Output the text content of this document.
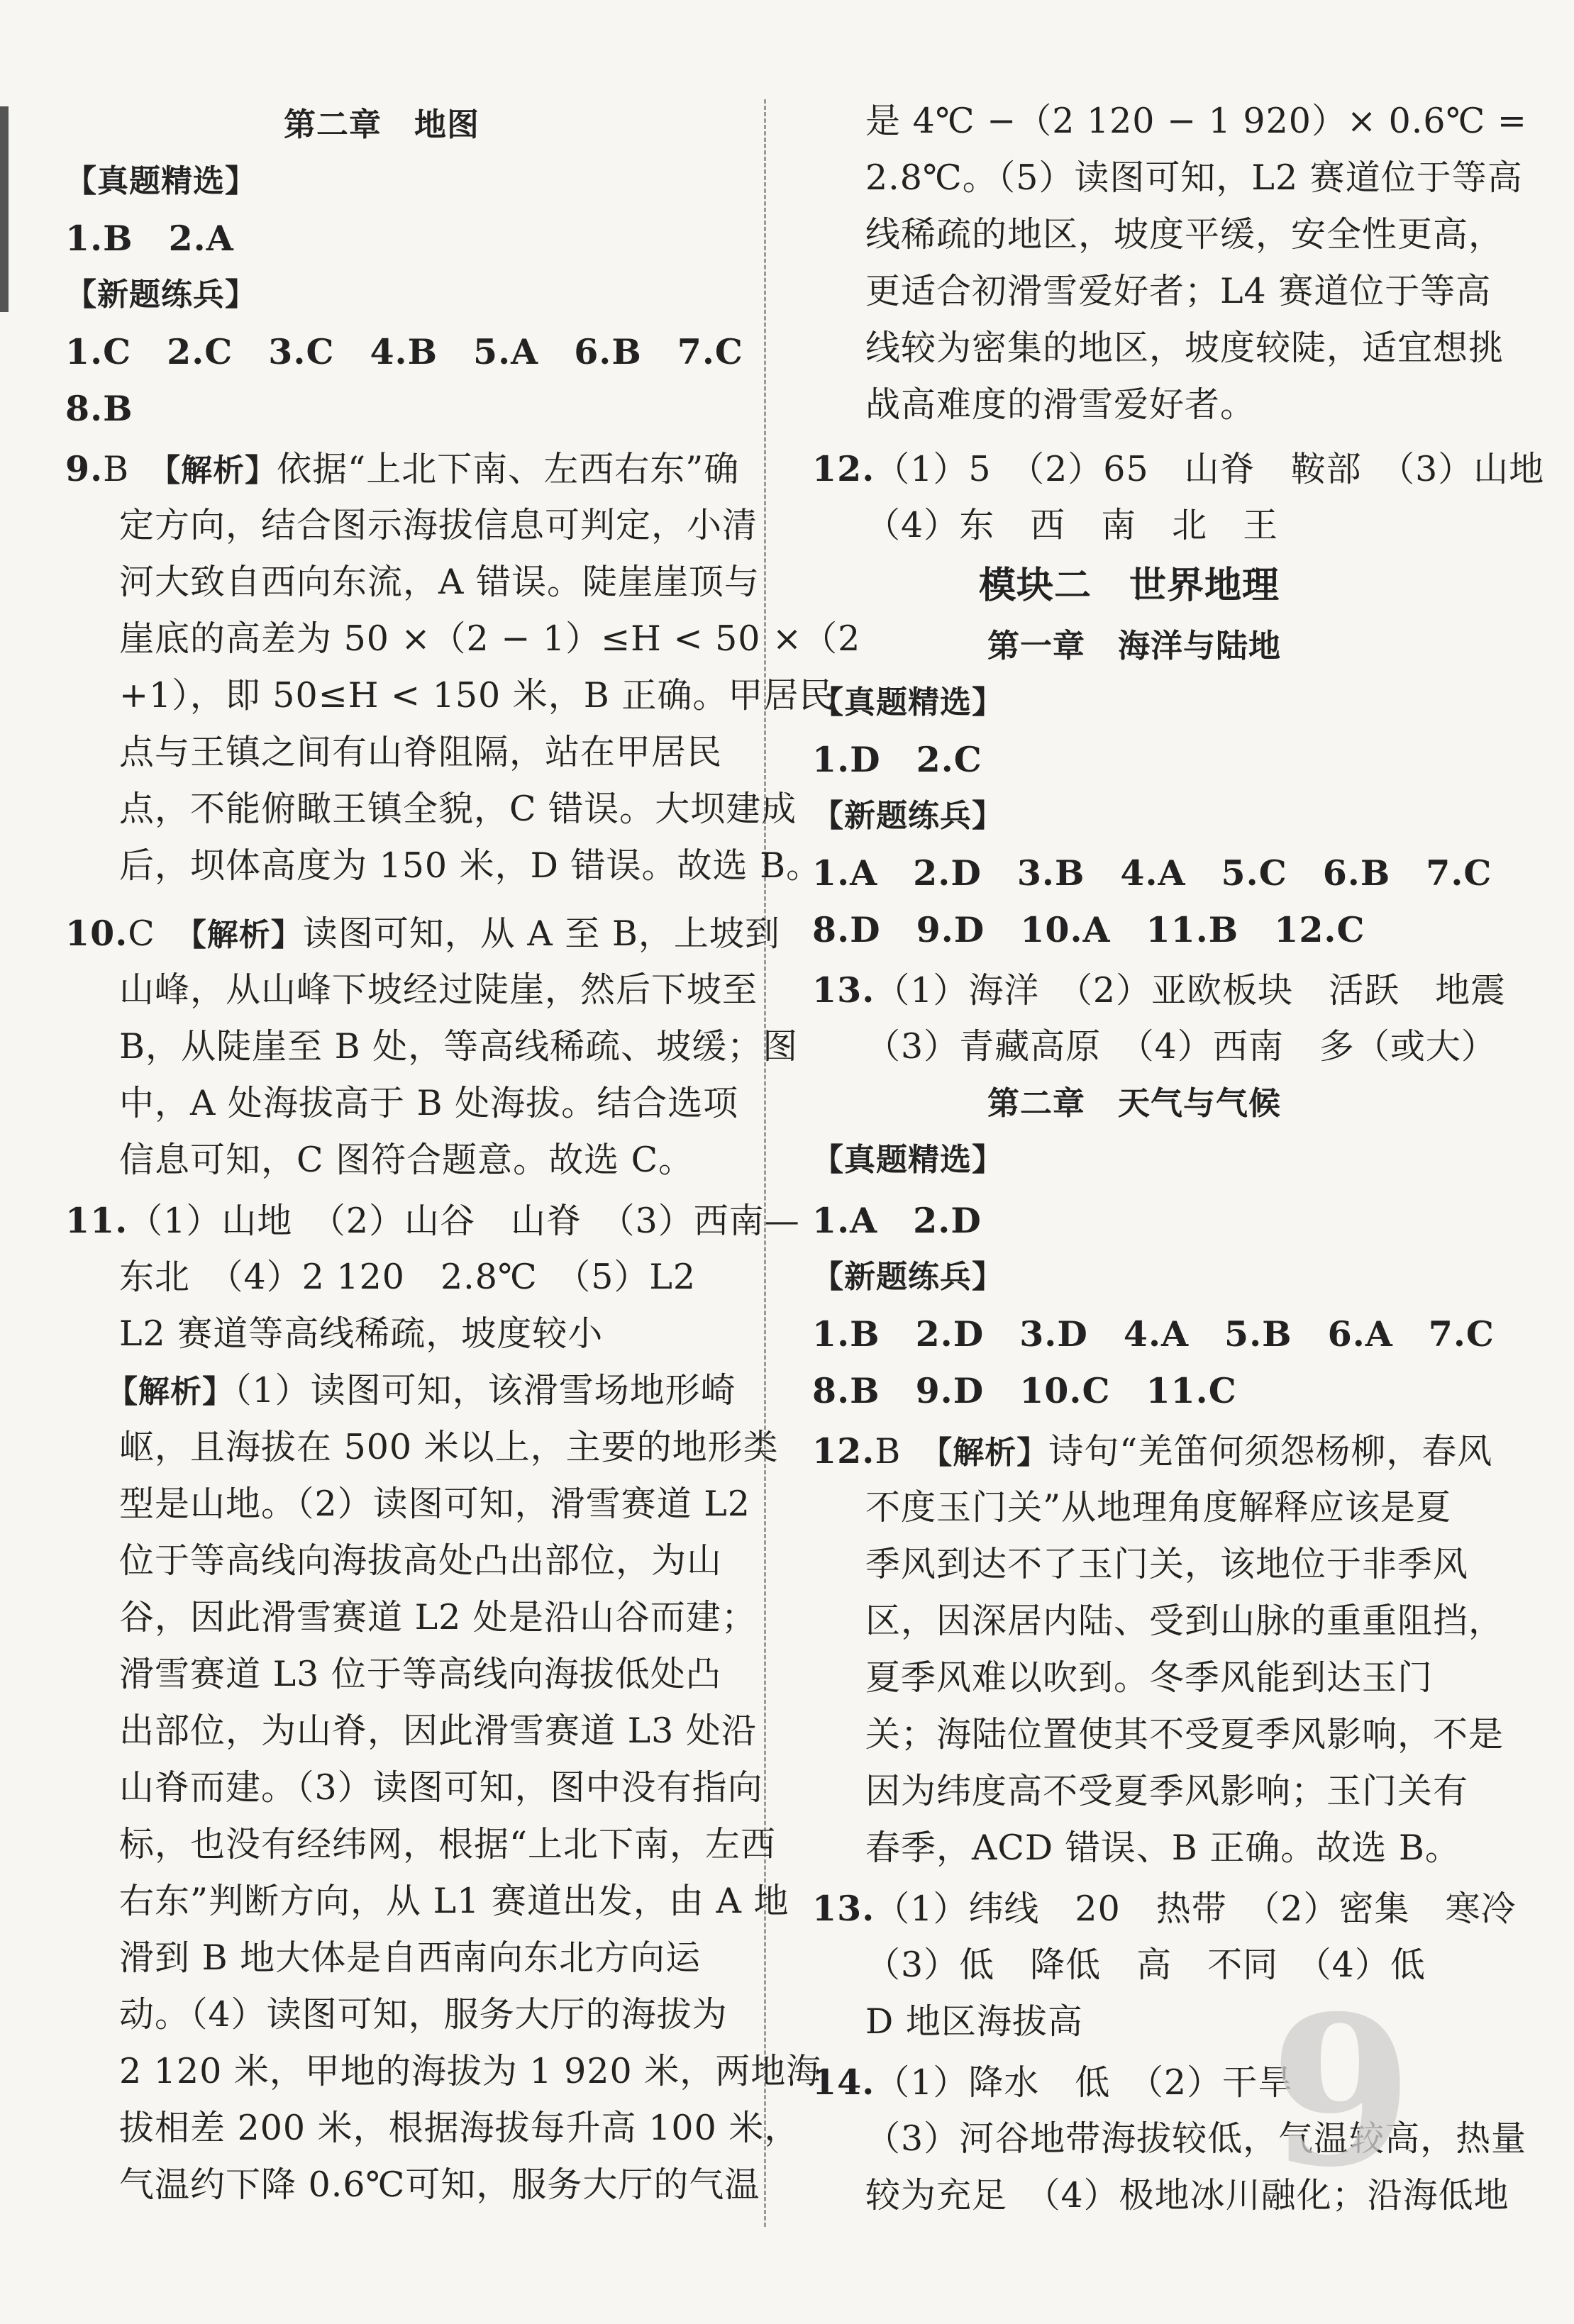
第二章　地图
【真题精选】
1.B　2.A
【新题练兵】
1.C　2.C　3.C　4.B　5.A　6.B　7.C
8.B
9.B　【解析】依据“上北下南、左西右东”确
定方向，结合图示海拔信息可判定，小清
河大致自西向东流，A 错误。陡崖崖顶与
崖底的高差为 50 ×（2 − 1）≤H < 50 ×（2
+1），即 50≤H < 150 米，B 正确。甲居民
点与王镇之间有山脊阻隔，站在甲居民
点，不能俯瞰王镇全貌，C 错误。大坝建成
后，坝体高度为 150 米，D 错误。故选 B。
10.C　【解析】读图可知，从 A 至 B，上坡到
山峰，从山峰下坡经过陡崖，然后下坡至
B，从陡崖至 B 处，等高线稀疏、坡缓；图
中，A 处海拔高于 B 处海拔。结合选项
信息可知，C 图符合题意。故选 C。
11.（1）山地　（2）山谷　山脊　（3）西南—
东北　（4）2 120　2.8℃　（5）L2
L2 赛道等高线稀疏，坡度较小
【解析】（1）读图可知，该滑雪场地形崎
岖，且海拔在 500 米以上，主要的地形类
型是山地。（2）读图可知，滑雪赛道 L2
位于等高线向海拔高处凸出部位，为山
谷，因此滑雪赛道 L2 处是沿山谷而建；
滑雪赛道 L3 位于等高线向海拔低处凸
出部位，为山脊，因此滑雪赛道 L3 处沿
山脊而建。（3）读图可知，图中没有指向
标，也没有经纬网，根据“上北下南，左西
右东”判断方向，从 L1 赛道出发，由 A 地
滑到 B 地大体是自西南向东北方向运
动。（4）读图可知，服务大厅的海拔为
2 120 米，甲地的海拔为 1 920 米，两地海
拔相差 200 米，根据海拔每升高 100 米，
气温约下降 0.6℃可知，服务大厅的气温
是 4℃ −（2 120 − 1 920）× 0.6℃ =
2.8℃。（5）读图可知，L2 赛道位于等高
线稀疏的地区，坡度平缓，安全性更高，
更适合初滑雪爱好者；L4 赛道位于等高
线较为密集的地区，坡度较陡，适宜想挑
战高难度的滑雪爱好者。
12.（1）5　（2）65　山脊　鞍部　（3）山地
（4）东　西　南　北　王
模块二　世界地理
第一章　海洋与陆地
【真题精选】
1.D　2.C
【新题练兵】
1.A　2.D　3.B　4.A　5.C　6.B　7.C
8.D　9.D　10.A　11.B　12.C
13.（1）海洋　（2）亚欧板块　活跃　地震
（3）青藏高原　（4）西南　多（或大）
第二章　天气与气候
【真题精选】
1.A　2.D
【新题练兵】
1.B　2.D　3.D　4.A　5.B　6.A　7.C
8.B　9.D　10.C　11.C
12.B　【解析】诗句“羌笛何须怨杨柳，春风
不度玉门关”从地理角度解释应该是夏
季风到达不了玉门关，该地位于非季风
区，因深居内陆、受到山脉的重重阻挡，
夏季风难以吹到。冬季风能到达玉门
关；海陆位置使其不受夏季风影响，不是
因为纬度高不受夏季风影响；玉门关有
春季，ACD 错误、B 正确。故选 B。
13.（1）纬线　20　热带　（2）密集　寒冷
（3）低　降低　高　不同　（4）低
D 地区海拔高
14.（1）降水　低　（2）干旱
（3）河谷地带海拔较低，气温较高，热量
较为充足　（4）极地冰川融化；沿海低地
9
